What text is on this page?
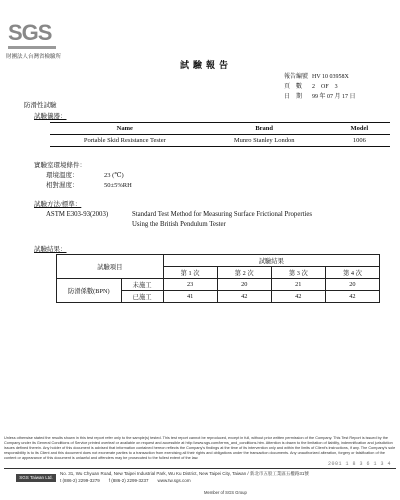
SGS
財團法人台灣省檢驗所
試驗報告
報告編號 HV 10 03958X
頁　數	2　OF　3
日　期	99 年 07 月 17 日
防滑性試驗
試驗儀器：
Name	Brand	Model
Portable Skid Resistance Tester	Munro Stanley London	1006
實驗室環境條件：
環境溫度：	23 (℃)
相對濕度：	50±5%RH
試驗方法/標準：
ASTM E303-93(2003)	Standard Test Method for Measuring Surface Frictional Properties
Using the British Pendulum Tester
試驗結果：
試驗項目		試驗結果			
		第 1 次	第 2 次	第 3 次	第 4 次
防滑係數(BPN)	未施工	23	20	21	20
	已施工	41	42	42	42
Unless otherwise stated the results shown in this test report refer only to the sample(s) tested. This test report cannot be reproduced, except in full, without prior written permission of the Company. This Test Report is issued by the Company under its General Conditions of Service printed overleaf or available on request and accessible at http://www.sgs.com/terms_and_conditions.htm. Attention is drawn to the limitation of liability, indemnification and jurisdiction issues defined therein. Any holder of this document is advised that information contained hereon reflects the Company's findings at the time of its intervention only and within the limits of Client's instructions, if any. The Company's sole responsibility is to its Client and this document does not exonerate parties to a transaction from exercising all their rights and obligations under the transaction documents. Any unauthorized alteration, forgery or falsification of the content or appearance of this document is unlawful and offenders may be prosecuted to the fullest extent of the law.
2001 1 8 3 6 1 3 4
SGS Taiwan Ltd.
No. 31, Wu Chyuan Road, New Taipei Industrial Park, Wu Ku District, New Taipei City, Taiwan / 新北市五股工業區五權路31號
t (886-2) 2299-3279　　f (886-2) 2299-3237　　www.tw.sgs.com
Member of SGS Group
